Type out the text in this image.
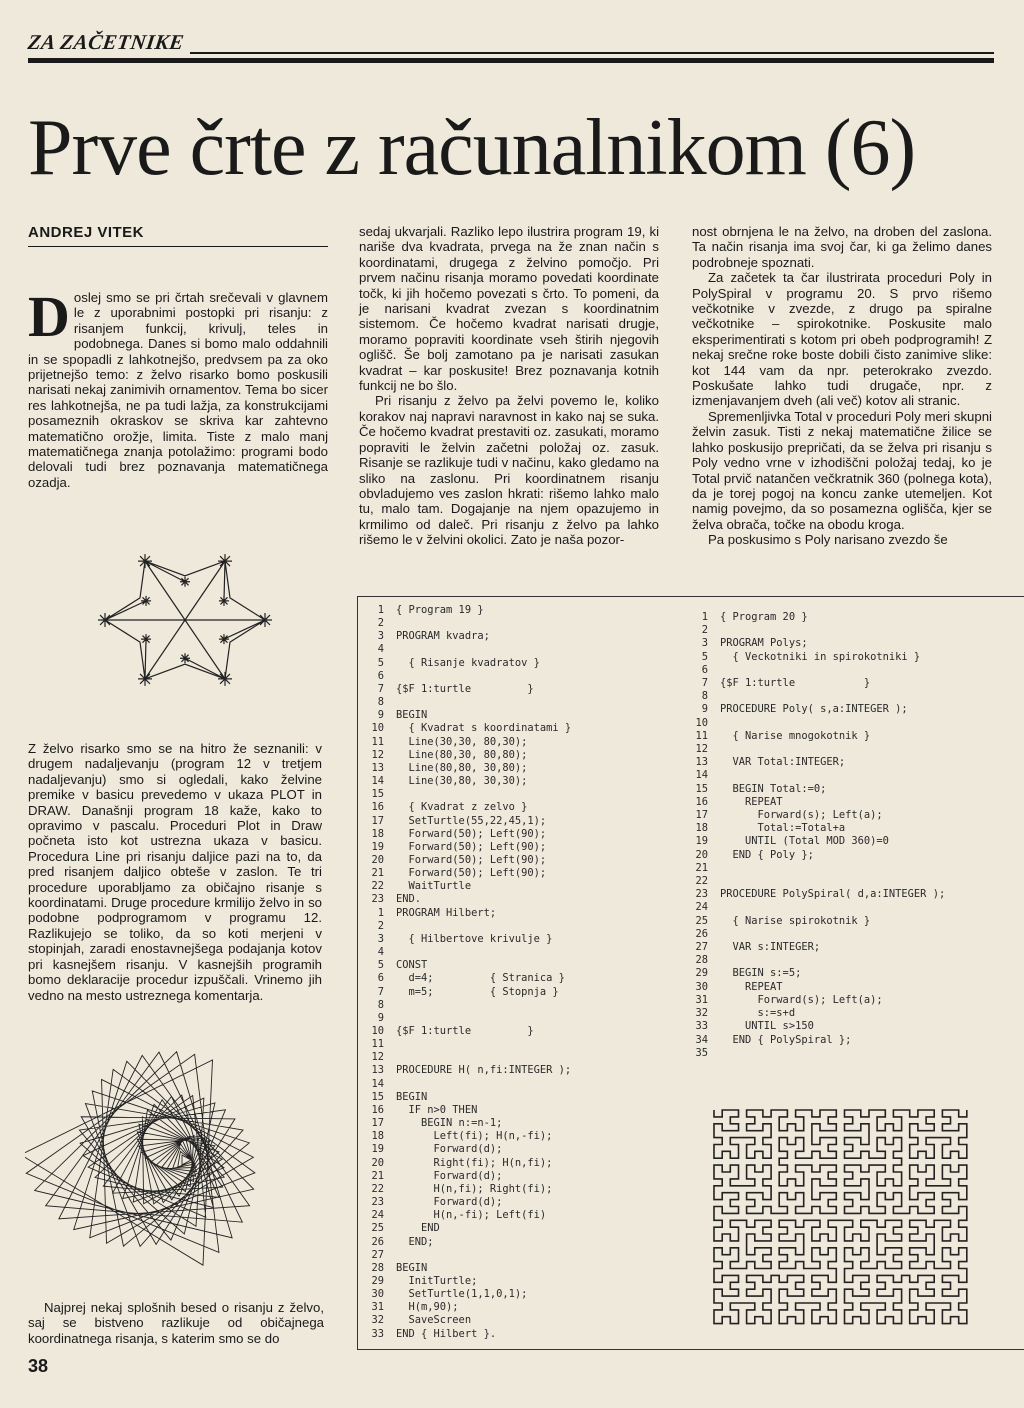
ZA ZAČETNIKE
Prve črte z računalnikom (6)
ANDREJ VITEK
D oslej smo se pri črtah srečevali v glavnem le z uporabnimi postopki pri risanju: z risanjem funkcij, krivulj, teles in podobnega. Danes si bomo malo oddahnili in se spopadli z lahkotnejšo, predvsem pa za oko prijetnejšo temo: z želvo risarko bomo poskusili narisati nekaj zanimivih ornamentov. Tema bo sicer res lahkotnejša, ne pa tudi lažja, za konstrukcijami posameznih okraskov se skriva kar zahtevno matematično orožje, limita. Tiste z malo manj matematičnega znanja potolažimo: programi bodo delovali tudi brez poznavanja matematičnega ozadja.

Z želvo risarko smo se na hitro že seznanili: v drugem nadaljevanju (program 12 v tretjem nadaljevanju) smo si ogledali, kako želvine premike v basicu prevedemo v ukaza PLOT in DRAW. Današnji program 18 kaže, kako to opravimo v pascalu. Proceduri Plot in Draw počneta isto kot ustrezna ukaza v basicu. Procedura Line pri risanju daljice pazi na to, da pred risanjem daljico obteše v zaslon. Te tri procedure uporabljamo za običajno risanje s koordinatami. Druge procedure krmilijo želvo in so podobne podprogramom v programu 12. Razlikujejo se toliko, da so koti merjeni v stopinjah, zaradi enostavnejšega podajanja kotov pri kasnejšem risanju. V kasnejših programih bomo deklaracije procedur izpuščali. Vrinemo jih vedno na mesto ustreznega komentarja.

Najprej nekaj splošnih besed o risanju z želvo, saj se bistveno razlikuje od običajnega koordinatnega risanja, s katerim smo se do

sedaj ukvarjali. Razliko lepo ilustrira program 19, ki nariše dva kvadrata, prvega na že znan način s koordinatami, drugega z želvino pomočjo. Pri prvem načinu risanja moramo povedati koordinate točk, ki jih hočemo povezati s črto. To pomeni, da je narisani kvadrat zvezan s koordinatnim sistemom. Če hočemo kvadrat narisati drugje, moramo popraviti koordinate vseh štirih njegovih oglišč. Še bolj zamotano pa je narisati zasukan kvadrat – kar poskusite! Brez poznavanja kotnih funkcij ne bo šlo.

Pri risanju z želvo pa želvi povemo le, koliko korakov naj napravi naravnost in kako naj se suka. Če hočemo kvadrat prestaviti oz. zasukati, moramo popraviti le želvin začetni položaj oz. zasuk. Risanje se razlikuje tudi v načinu, kako gledamo na sliko na zaslonu. Pri koordinatnem risanju obvladujemo ves zaslon hkrati: rišemo lahko malo tu, malo tam. Dogajanje na njem opazujemo in krmilimo od daleč. Pri risanju z želvo pa lahko rišemo le v želvini okolici. Zato je naša pozor-

nost obrnjena le na želvo, na droben del zaslona. Ta način risanja ima svoj čar, ki ga želimo danes podrobneje spoznati.

Za začetek ta čar ilustrirata proceduri Poly in PolySpiral v programu 20. S prvo rišemo večkotnike v zvezde, z drugo pa spiralne večkotnike – spirokotnike. Poskusite malo eksperimentirati s kotom pri obeh podprogramih! Z nekaj srečne roke boste dobili čisto zanimive slike: kot 144 vam da npr. peterokrako zvezdo. Poskušate lahko tudi drugače, npr. z izmenjavanjem dveh (ali več) kotov ali stranic.

Spremenljivka Total v proceduri Poly meri skupni želvin zasuk. Tisti z nekaj matematične žilice se lahko poskusijo prepričati, da se želva pri risanju s Poly vedno vrne v izhodiščni položaj tedaj, ko je Total prvič natančen večkratnik 360 (polnega kota), da je torej pogoj na koncu zanke utemeljen. Kot namig povejmo, da so posamezna oglišča, kjer se želva obrača, točke na obodu kroga.

Pa poskusimo s Poly narisano zvezdo še

1 { Program 19 }
2
3 PROGRAM kvadra;
4
5  { Risanje kvadratov }
6
7 {$F 1:turtle         }
8
9 BEGIN
10  { Kvadrat s koordinatami }
11  Line(30,30, 80,30);
12  Line(80,30, 80,80);
13  Line(80,80, 30,80);
14  Line(30,80, 30,30);
15
16  { Kvadrat z zelvo }
17  SetTurtle(55,22,45,1);
18  Forward(50); Left(90);
19  Forward(50); Left(90);
20  Forward(50); Left(90);
21  Forward(50); Left(90);
22  WaitTurtle
23 END.
1 PROGRAM Hilbert;
2
3  { Hilbertove krivulje }
4
5 CONST
6  d=4;         { Stranica }
7  m=5;         { Stopnja }
8
9
10 {$F 1:turtle         }
11
12
13 PROCEDURE H( n,fi:INTEGER );
14
15 BEGIN
16  IF n>0 THEN
17    BEGIN n:=n-1;
18      Left(fi); H(n,-fi);
19      Forward(d);
20      Right(fi); H(n,fi);
21      Forward(d);
22      H(n,fi); Right(fi);
23      Forward(d);
24      H(n,-fi); Left(fi)
25    END
26  END;
27
28 BEGIN
29  InitTurtle;
30  SetTurtle(1,1,0,1);
31  H(m,90);
32  SaveScreen
33 END { Hilbert }.
1 { Program 20 }
2
3 PROGRAM Polys;
5  { Veckotniki in spirokotniki }
6
7 {$F 1:turtle           }
8
9 PROCEDURE Poly( s,a:INTEGER );
10
11  { Narise mnogokotnik }
12
13  VAR Total:INTEGER;
14
15  BEGIN Total:=0;
16    REPEAT
17      Forward(s); Left(a);
18      Total:=Total+a
19    UNTIL (Total MOD 360)=0
20  END { Poly };
21
22
23 PROCEDURE PolySpiral( d,a:INTEGER );
24
25  { Narise spirokotnik }
26
27  VAR s:INTEGER;
28
29  BEGIN s:=5;
30    REPEAT
31      Forward(s); Left(a);
32      s:=s+d
33    UNTIL s>150
34  END { PolySpiral };
35
38
